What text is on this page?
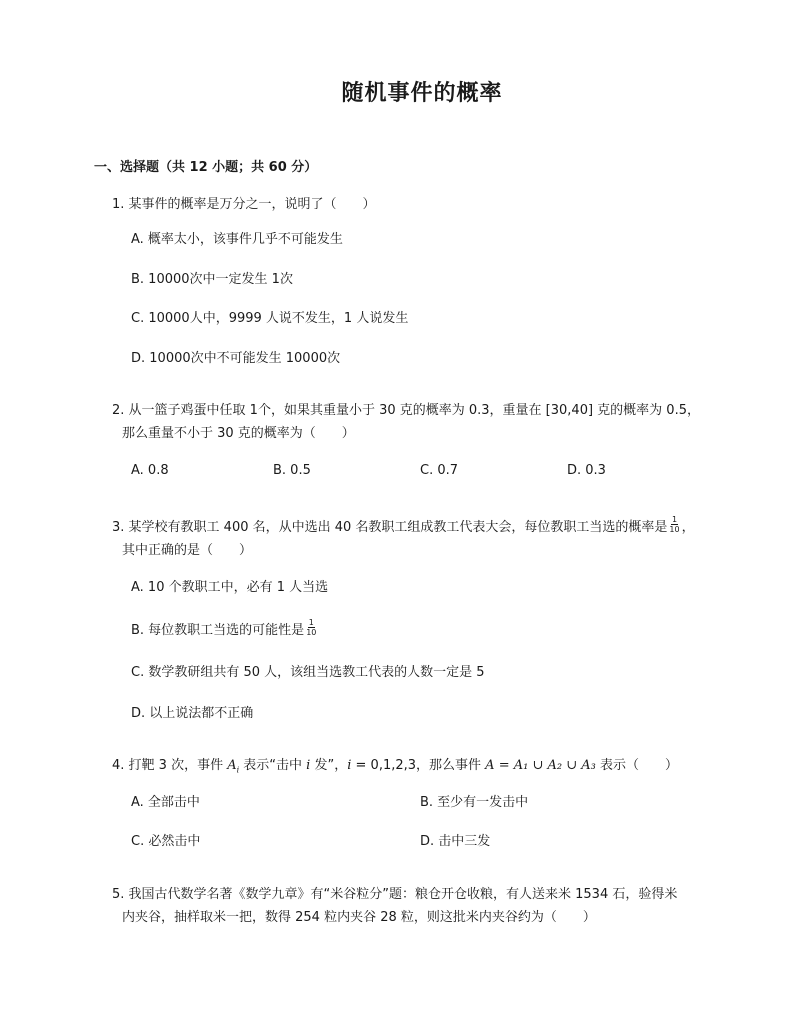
随机事件的概率
一、选择题（共 12 小题；共 60 分）
1. 某事件的概率是万分之一，说明了（　　）
A. 概率太小，该事件几乎不可能发生
B. 10000次中一定发生 1次
C. 10000人中，9999 人说不发生，1 人说发生
D. 10000次中不可能发生 10000次
2. 从一篮子鸡蛋中任取 1个，如果其重量小于 30 克的概率为 0.3，重量在 [30,40] 克的概率为 0.5，
那么重量不小于 30 克的概率为（　　）
A. 0.8	B. 0.5	C. 0.7	D. 0.3
3. 某学校有教职工 400 名，从中选出 40 名教职工组成教工代表大会，每位教职工当选的概率是 $\frac{1}{10}$ ，
其中正确的是（　　）
A. 10 个教职工中，必有 1 人当选
B. 每位教职工当选的可能性是 $\frac{1}{10}$
C. 数学教研组共有 50 人，该组当选教工代表的人数一定是 5
D. 以上说法都不正确
4. 打靶 3 次，事件 $A_i$ 表示“击中 i 发”，i = 0,1,2,3，那么事件 A = A₁ ∪ A₂ ∪ A₃ 表示（　　）
A. 全部击中	B. 至少有一发击中
C. 必然击中	D. 击中三发
5. 我国古代数学名著《数学九章》有“米谷粒分”题：粮仓开仓收粮，有人送来米 1534 石，验得米
内夹谷，抽样取米一把，数得 254 粒内夹谷 28 粒，则这批米内夹谷约为（　　）
